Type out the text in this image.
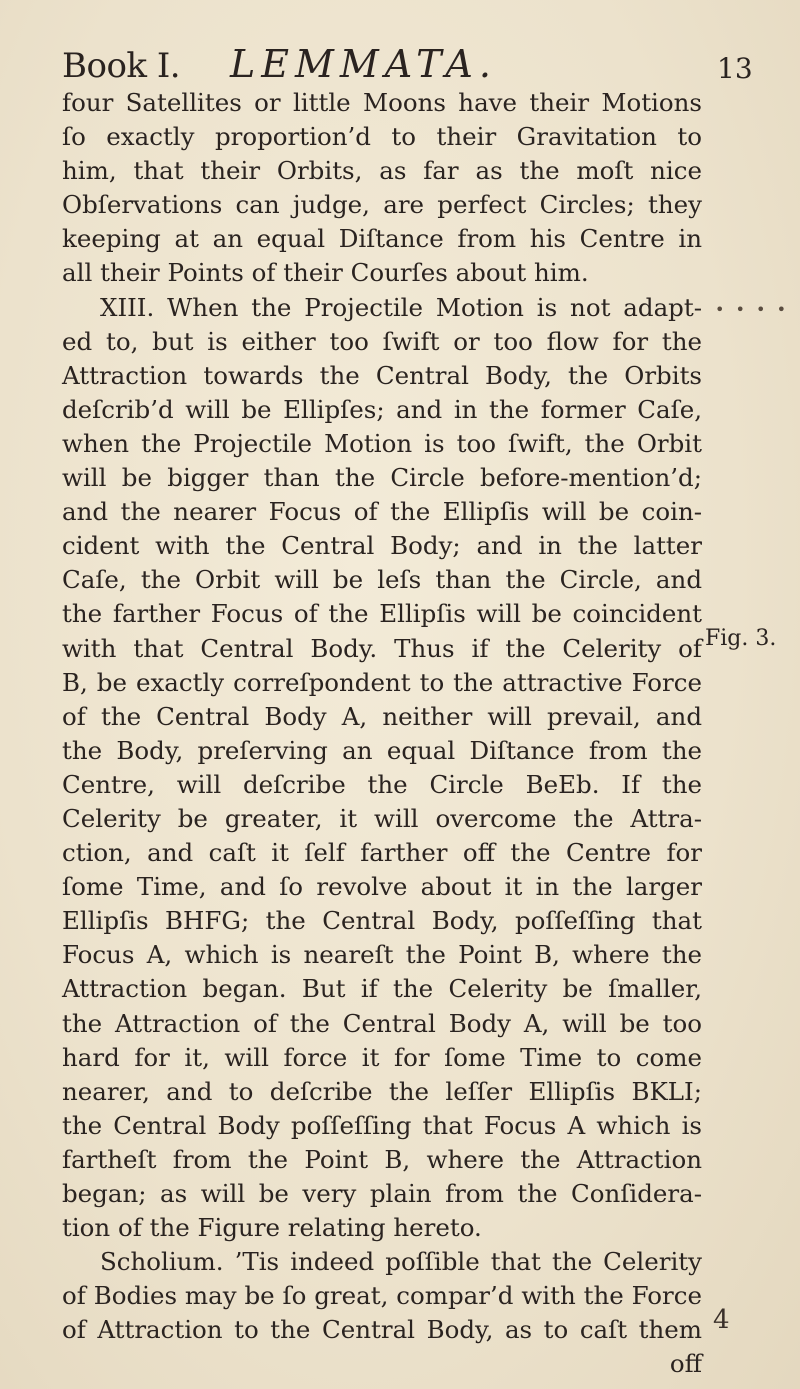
Book I. LEMMATA.	13
four Satellites or little Moons have their Motions
ſo exactly proportion’d to their Gravitation to
him, that their Orbits, as far as the moſt nice
Obſervations can judge, are perfect Circles; they
keeping at an equal Diſtance from his Centre in
all their Points of their Courſes about him.
XIII. When the Projectile Motion is not adapt-
ed to, but is either too ſwift or too flow for the
Attraction towards the Central Body, the Orbits
deſcrib’d will be Ellipſes; and in the former Caſe,
when the Projectile Motion is too ſwift, the Orbit
will be bigger than the Circle before-mention’d;
and the nearer Focus of the Ellipſis will be coin-
cident with the Central Body; and in the latter
Caſe, the Orbit will be leſs than the Circle, and
the farther Focus of the Ellipſis will be coincident
with that Central Body. Thus if the Celerity of
B, be exactly correſpondent to the attractive Force
of the Central Body A, neither will prevail, and
the Body, preſerving an equal Diſtance from the
Centre, will deſcribe the Circle BeEb. If the
Celerity be greater, it will overcome the Attra-
ction, and caſt it ſelf farther off the Centre for
ſome Time, and ſo revolve about it in the larger
Ellipſis BHFG; the Central Body, poſſeſſing that
Focus A, which is neareſt the Point B, where the
Attraction began. But if the Celerity be ſmaller,
the Attraction of the Central Body A, will be too
hard for it, will force it for ſome Time to come
nearer, and to deſcribe the leſſer Ellipſis BKLI;
the Central Body poſſeſſing that Focus A which is
fartheſt from the Point B, where the Attraction
began; as will be very plain from the Conſidera-
tion of the Figure relating hereto.
Scholium. ’Tis indeed poſſible that the Celerity
of Bodies may be ſo great, compar’d with the Force
of Attraction to the Central Body, as to caſt them
off
• • • •
Fig. 3.
4
